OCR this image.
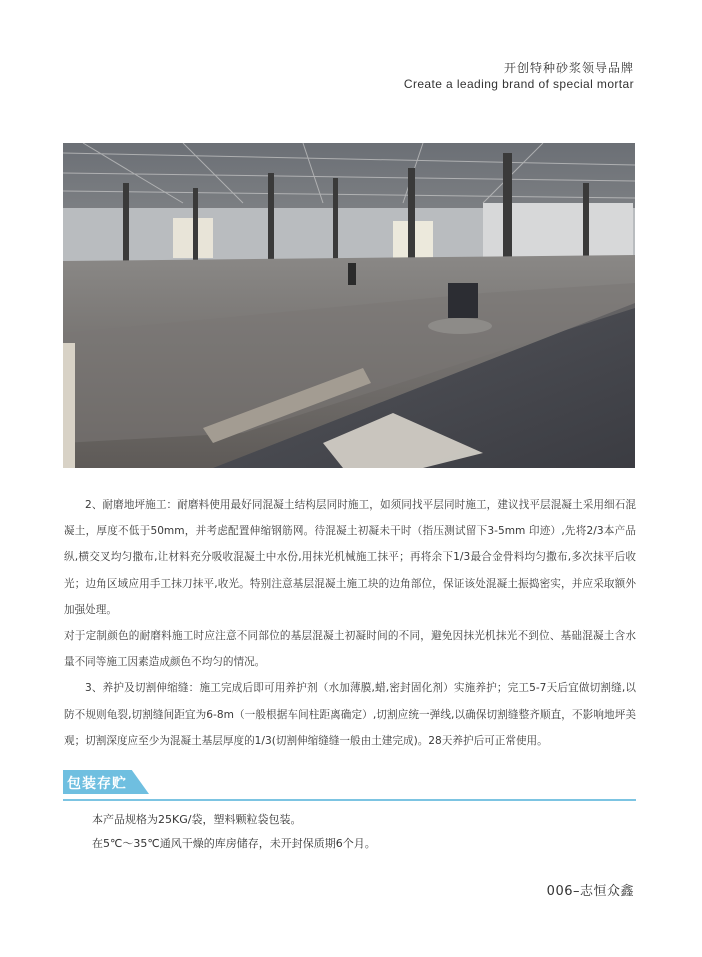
开创特种砂浆领导品牌
Create a leading brand of special mortar

2、耐磨地坪施工：耐磨料使用最好同混凝土结构层同时施工，如须同找平层同时施工，建议找平层混凝土采用细石混凝土，厚度不低于50mm，并考虑配置伸缩钢筋网。待混凝土初凝未干时（指压测试留下3-5mm 印迹）,先将2/3本产品纵,横交叉均匀撒布,让材料充分吸收混凝土中水份,用抹光机械施工抹平；再将余下1/3最合金骨料均匀撒布,多次抹平后收光；边角区域应用手工抹刀抹平,收光。特别注意基层混凝土施工块的边角部位，保证该处混凝土振捣密实，并应采取额外加强处理。

对于定制颜色的耐磨料施工时应注意不同部位的基层混凝土初凝时间的不同，避免因抹光机抹光不到位、基础混凝土含水量不同等施工因素造成颜色不均匀的情况。

3、养护及切割伸缩缝：施工完成后即可用养护剂（水加薄膜,蜡,密封固化剂）实施养护；完工5-7天后宜做切割缝,以防不规则龟裂,切割缝间距宜为6-8m（一般根据车间柱距离确定）,切割应统一弹线,以确保切割缝整齐顺直，不影响地坪美观；切割深度应至少为混凝土基层厚度的1/3(切割伸缩缝缝一般由土建完成)。28天养护后可正常使用。

包装存贮

本产品规格为25KG/袋，塑料颗粒袋包装。

在5℃～35℃通风干燥的库房储存，未开封保质期6个月。

006–志恒众鑫
